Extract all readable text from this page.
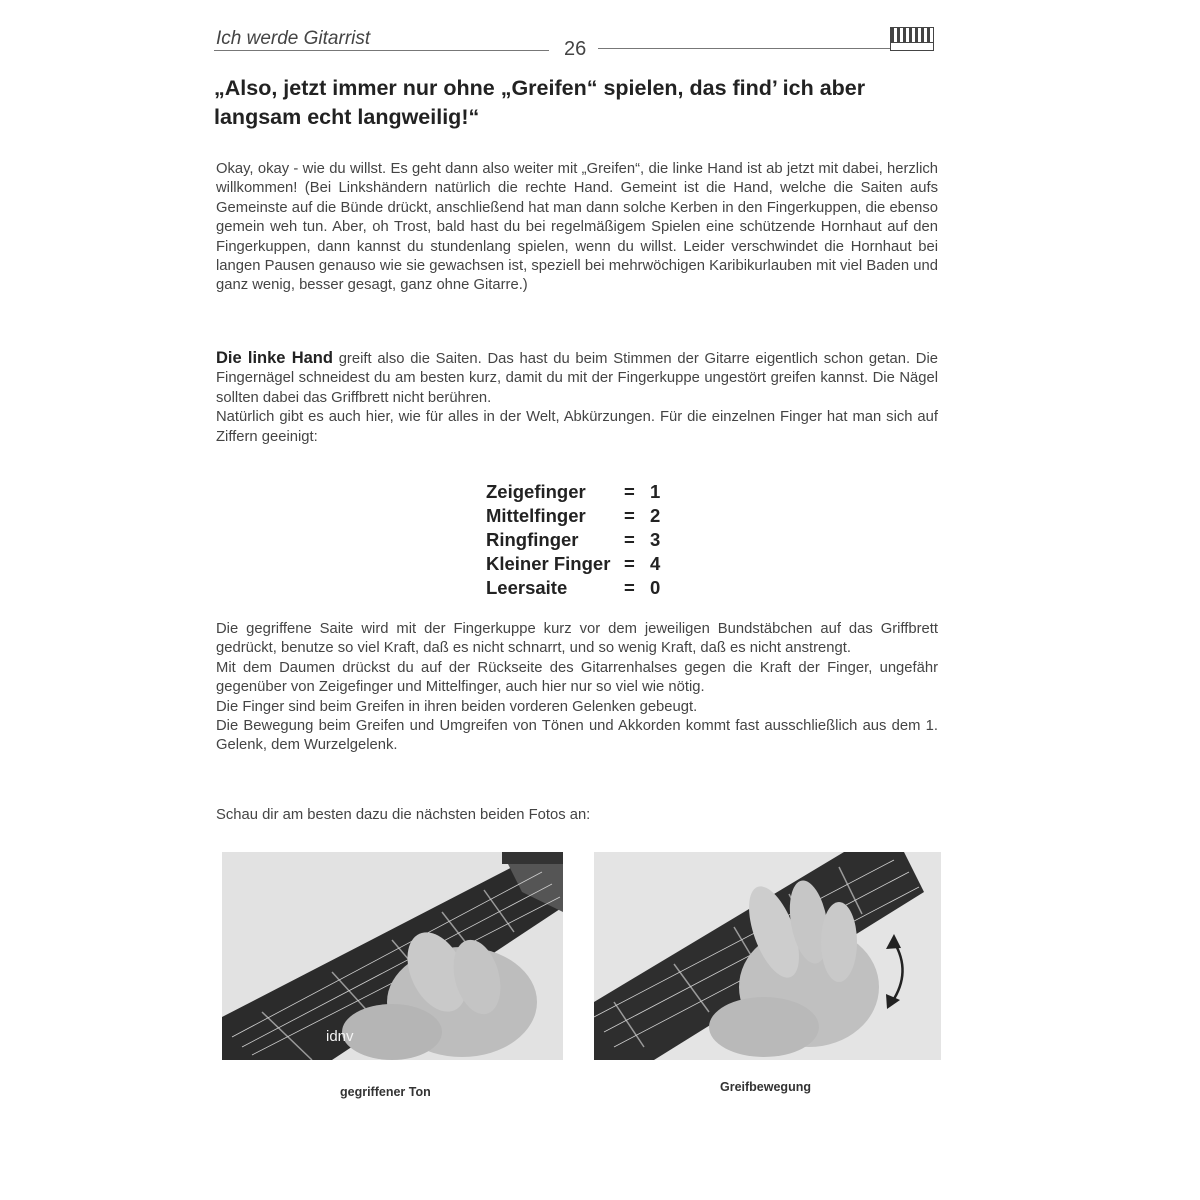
Ich werde Gitarrist	26
„Also, jetzt immer nur ohne „Greifen“ spielen, das find’ ich aber langsam echt langweilig!“

Okay, okay - wie du willst. Es geht dann also weiter mit „Greifen“, die linke Hand ist ab jetzt mit dabei, herzlich willkommen! (Bei Linkshändern natürlich die rechte Hand. Gemeint ist die Hand, welche die Saiten aufs Gemeinste auf die Bünde drückt, anschließend hat man dann solche Kerben in den Fingerkuppen, die ebenso gemein weh tun. Aber, oh Trost, bald hast du bei regelmäßigem Spielen eine schützende Hornhaut auf den Fingerkuppen, dann kannst du stundenlang spielen, wenn du willst. Leider verschwindet die Hornhaut bei langen Pausen genauso wie sie gewachsen ist, speziell bei mehrwöchigen Karibikurlauben mit viel Baden und ganz wenig, besser gesagt, ganz ohne Gitarre.)

Die linke Hand greift also die Saiten. Das hast du beim Stimmen der Gitarre eigentlich schon getan. Die Fingernägel schneidest du am besten kurz, damit du mit der Fingerkuppe ungestört greifen kannst. Die Nägel sollten dabei das Griffbrett nicht berühren.
Natürlich gibt es auch hier, wie für alles in der Welt, Abkürzungen. Für die einzelnen Finger hat man sich auf Ziffern geeinigt:

Zeigefinger	=	1
Mittelfinger	=	2
Ringfinger	=	3
Kleiner Finger	=	4
Leersaite	=	0

Die gegriffene Saite wird mit der Fingerkuppe kurz vor dem jeweiligen Bundstäbchen auf das Griffbrett gedrückt, benutze so viel Kraft, daß es nicht schnarrt, und so wenig Kraft, daß es nicht anstrengt.
Mit dem Daumen drückst du auf der Rückseite des Gitarrenhalses gegen die Kraft der Finger, ungefähr gegenüber von Zeigefinger und Mittelfinger, auch hier nur so viel wie nötig.
Die Finger sind beim Greifen in ihren beiden vorderen Gelenken gebeugt.
Die Bewegung beim Greifen und Umgreifen von Tönen und Akkorden kommt fast ausschließlich aus dem 1. Gelenk, dem Wurzelgelenk.

Schau dir am besten dazu die nächsten beiden Fotos an:

idnv
gegriffener Ton	Greifbewegung
